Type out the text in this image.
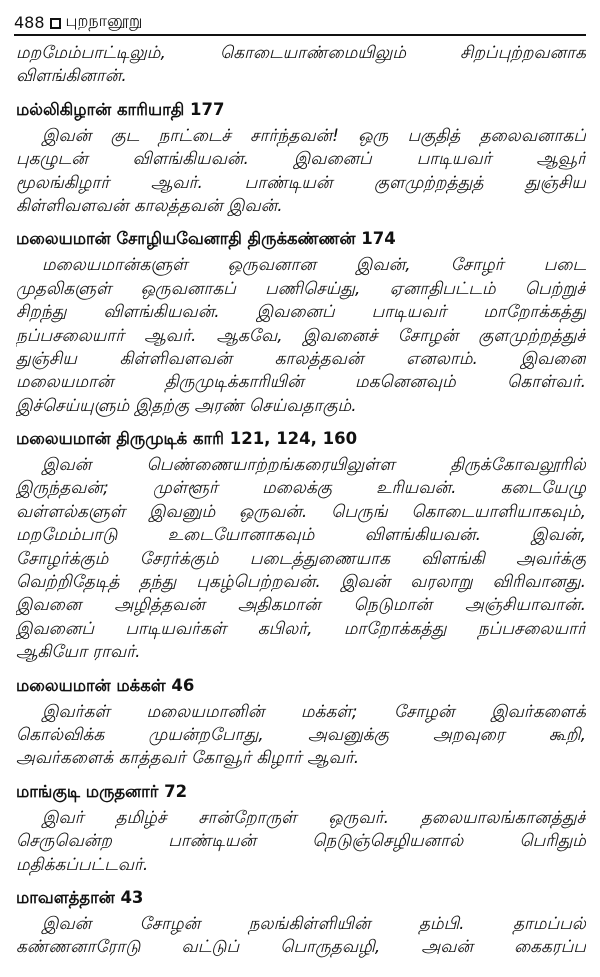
488 புறநானூறு
மறமேம்பாட்டிலும், கொடையாண்மையிலும் சிறப்புற்றவனாக
விளங்கினான்.
மல்லிகிழான் காரியாதி 177
இவன் குட நாட்டைச் சார்ந்தவன்! ஒரு பகுதித் தலைவனாகப்
புகழுடன் விளங்கியவன். இவனைப் பாடியவர் ஆவூர்
மூலங்கிழார் ஆவர். பாண்டியன் குளமுற்றத்துத் துஞ்சிய
கிள்ளிவளவன் காலத்தவன் இவன்.
மலையமான் சோழியவேனாதி திருக்கண்ணன் 174
மலையமான்களுள் ஒருவனான இவன், சோழர் படை
முதலிகளுள் ஒருவனாகப் பணிசெய்து, ஏனாதிபட்டம் பெற்றுச்
சிறந்து விளங்கியவன். இவனைப் பாடியவர் மாறோக்கத்து
நப்பசலையார் ஆவர். ஆகவே, இவனைச் சோழன் குளமுற்றத்துச்
துஞ்சிய கிள்ளிவளவன் காலத்தவன் எனலாம். இவனை
மலையமான் திருமுடிக்காரியின் மகனெனவும் கொள்வர்.
இச்செய்யுளும் இதற்கு அரண் செய்வதாகும்.
மலையமான் திருமுடிக் காரி 121, 124, 160
இவன் பெண்ணையாற்றங்கரையிலுள்ள திருக்கோவலூரில்
இருந்தவன்; முள்ளூர் மலைக்கு உரியவன். கடையேழு
வள்ளல்களுள் இவனும் ஒருவன். பெருங் கொடையாளியாகவும்,
மறமேம்பாடு உடையோனாகவும் விளங்கியவன். இவன்,
சோழர்க்கும் சேரர்க்கும் படைத்துணையாக விளங்கி அவர்க்கு
வெற்றிதேடித் தந்து புகழ்பெற்றவன். இவன் வரலாறு விரிவானது.
இவனை அழித்தவன் அதிகமான் நெடுமான் அஞ்சியாவான்.
இவனைப் பாடியவர்கள் கபிலர், மாறோக்கத்து நப்பசலையார்
ஆகியோ ராவர்.
மலையமான் மக்கள் 46
இவர்கள் மலையமானின் மக்கள்; சோழன் இவர்களைக்
கொல்விக்க முயன்றபோது, அவனுக்கு அறவுரை கூறி,
அவர்களைக் காத்தவர் கோவூர் கிழார் ஆவர்.
மாங்குடி மருதனார் 72
இவர் தமிழ்ச் சான்றோருள் ஒருவர். தலையாலங்கானத்துச்
செருவென்ற பாண்டியன் நெடுஞ்செழியனால் பெரிதும்
மதிக்கப்பட்டவர்.
மாவளத்தான் 43
இவன் சோழன் நலங்கிள்ளியின் தம்பி. தாமப்பல்
கண்ணனாரோடு வட்டுப் பொருதவழி, அவன் கைகரப்ப
